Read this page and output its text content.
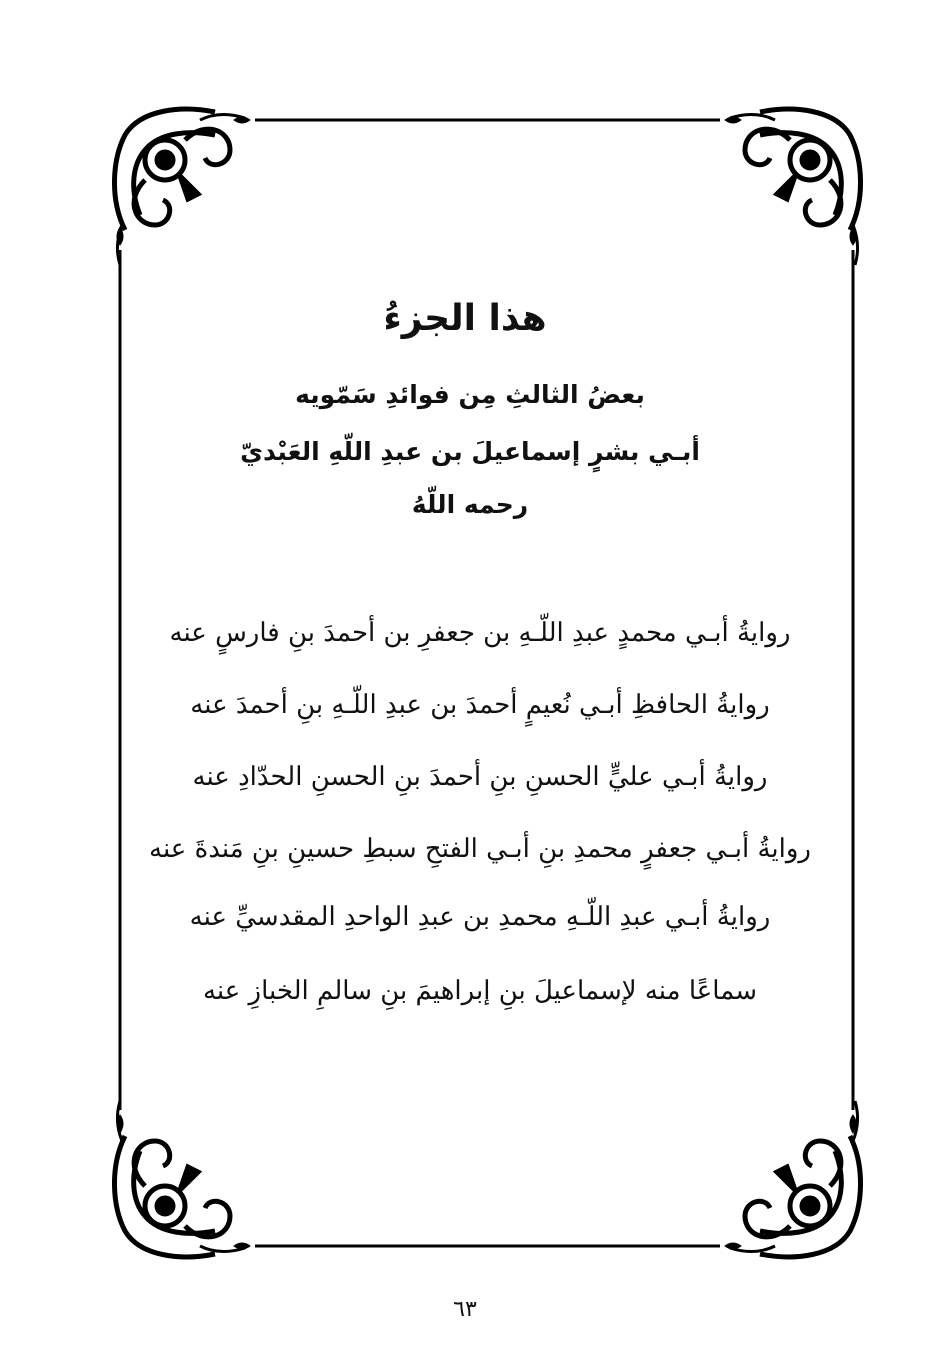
هذا الجزءُ
بعضُ الثالثِ مِن فوائدِ سَمّويه
أبـي بشرٍ إسماعيلَ بن عبدِ اللّهِ العَبْديّ
رحمه اللّهُ
روايةُ أبـي محمدٍ عبدِ اللّـهِ بن جعفرِ بن أحمدَ بنِ فارسٍ عنه
روايةُ الحافظِ أبـي نُعيمٍ أحمدَ بن عبدِ اللّـهِ بنِ أحمدَ عنه
روايةُ أبـي عليٍّ الحسنِ بنِ أحمدَ بنِ الحسنِ الحدّادِ عنه
روايةُ أبـي جعفرٍ محمدِ بنِ أبـي الفتحِ سبطِ حسينِ بنِ مَندةَ عنه
روايةُ أبـي عبدِ اللّـهِ محمدِ بن عبدِ الواحدِ المقدسيِّ عنه
سماعًا منه لإسماعيلَ بنِ إبراهيمَ بنِ سالمِ الخبازِ عنه
٦٣
